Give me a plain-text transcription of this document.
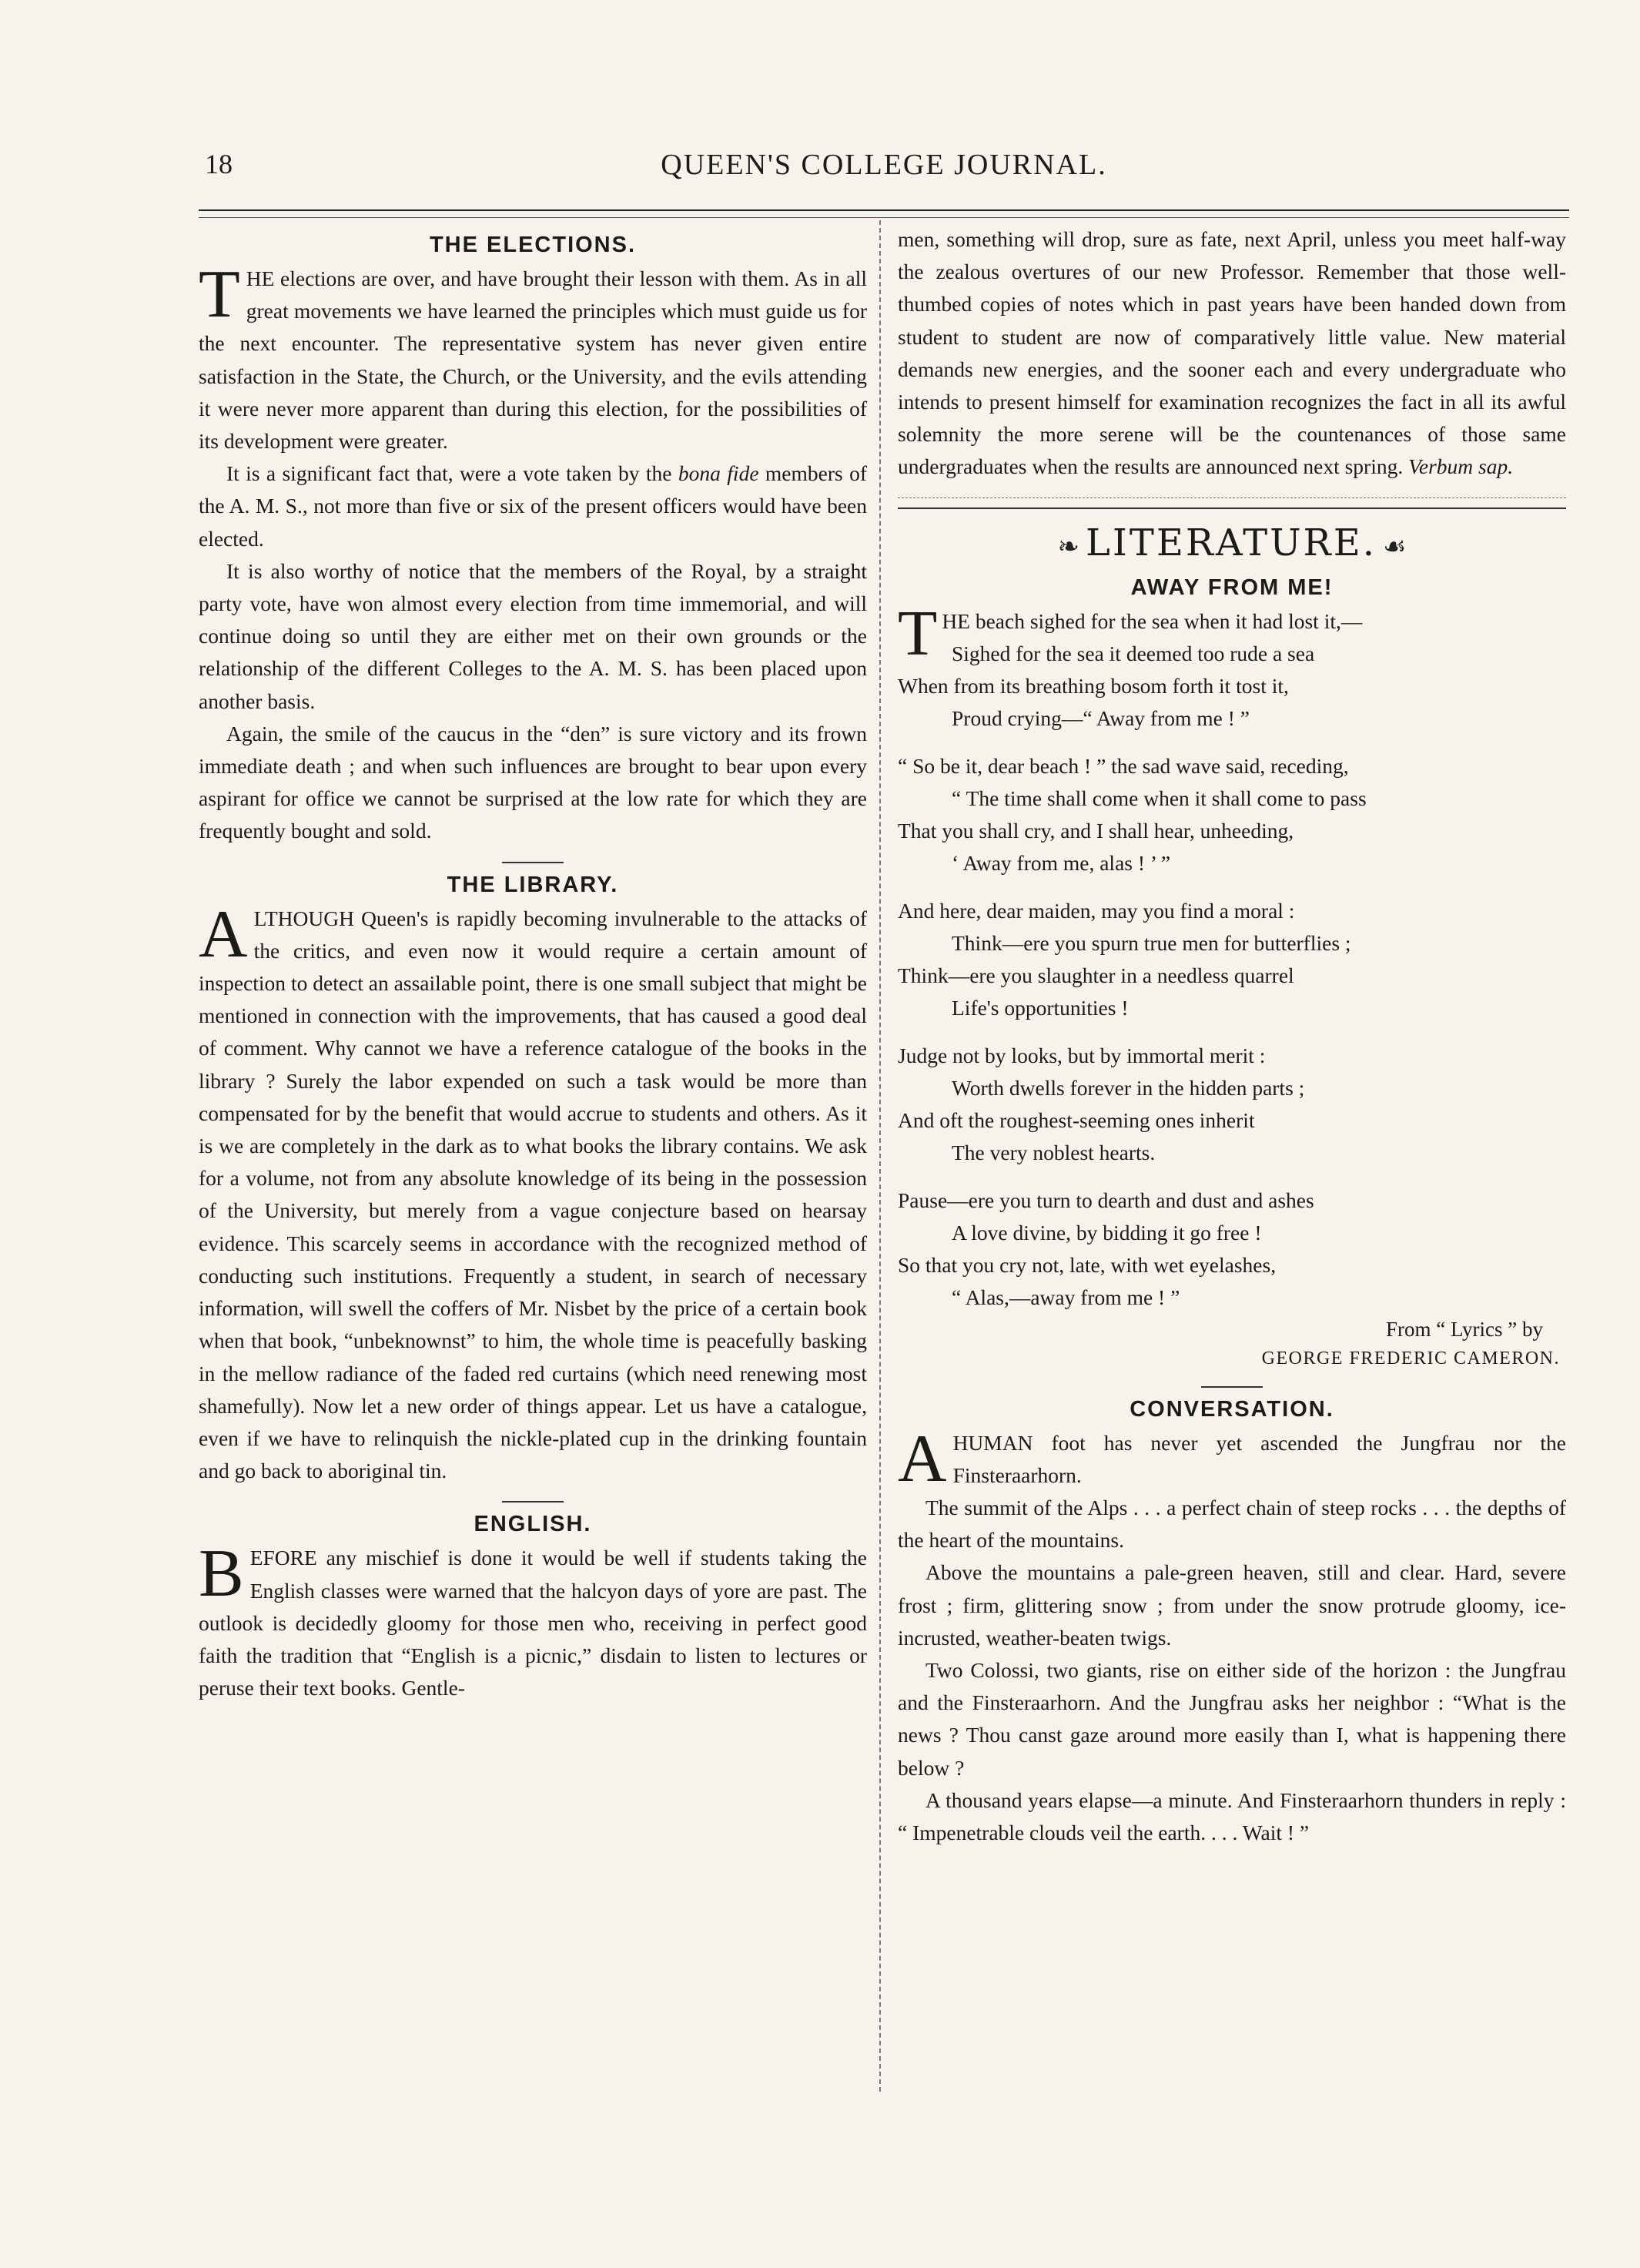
18	QUEEN'S COLLEGE JOURNAL.
THE ELECTIONS.

THE elections are over, and have brought their lesson with them. As in all great movements we have learned the principles which must guide us for the next encounter. The representative system has never given entire satisfaction in the State, the Church, or the University, and the evils attending it were never more apparent than during this election, for the possibilities of its development were greater.

It is a significant fact that, were a vote taken by the bona fide members of the A. M. S., not more than five or six of the present officers would have been elected.

It is also worthy of notice that the members of the Royal, by a straight party vote, have won almost every election from time immemorial, and will continue doing so until they are either met on their own grounds or the relationship of the different Colleges to the A. M. S. has been placed upon another basis.

Again, the smile of the caucus in the “den” is sure victory and its frown immediate death ; and when such influences are brought to bear upon every aspirant for office we cannot be surprised at the low rate for which they are frequently bought and sold.

THE LIBRARY.

ALTHOUGH Queen's is rapidly becoming invulnerable to the attacks of the critics, and even now it would require a certain amount of inspection to detect an assailable point, there is one small subject that might be mentioned in connection with the improvements, that has caused a good deal of comment. Why cannot we have a reference catalogue of the books in the library ? Surely the labor expended on such a task would be more than compensated for by the benefit that would accrue to students and others. As it is we are completely in the dark as to what books the library contains. We ask for a volume, not from any absolute knowledge of its being in the possession of the University, but merely from a vague conjecture based on hearsay evidence. This scarcely seems in accordance with the recognized method of conducting such institutions. Frequently a student, in search of necessary information, will swell the coffers of Mr. Nisbet by the price of a certain book when that book, “unbeknownst” to him, the whole time is peacefully basking in the mellow radiance of the faded red curtains (which need renewing most shamefully). Now let a new order of things appear. Let us have a catalogue, even if we have to relinquish the nickle-plated cup in the drinking fountain and go back to aboriginal tin.

ENGLISH.

BEFORE any mischief is done it would be well if students taking the English classes were warned that the halcyon days of yore are past. The outlook is decidedly gloomy for those men who, receiving in perfect good faith the tradition that “English is a picnic,” disdain to listen to lectures or peruse their text books. Gentle-

men, something will drop, sure as fate, next April, unless you meet half-way the zealous overtures of our new Professor. Remember that those well-thumbed copies of notes which in past years have been handed down from student to student are now of comparatively little value. New material demands new energies, and the sooner each and every undergraduate who intends to present himself for examination recognizes the fact in all its awful solemnity the more serene will be the countenances of those same undergraduates when the results are announced next spring. Verbum sap.

❧ LITERATURE. ☙
AWAY FROM ME!
THE beach sighed for the sea when it had lost it,—
Sighed for the sea it deemed too rude a sea
When from its breathing bosom forth it tost it,
Proud crying—“ Away from me ! ”
“ So be it, dear beach ! ” the sad wave said, receding,
“ The time shall come when it shall come to pass
That you shall cry, and I shall hear, unheeding,
‘ Away from me, alas ! ’ ”
And here, dear maiden, may you find a moral :
Think—ere you spurn true men for butterflies ;
Think—ere you slaughter in a needless quarrel
Life's opportunities !
Judge not by looks, but by immortal merit :
Worth dwells forever in the hidden parts ;
And oft the roughest-seeming ones inherit
The very noblest hearts.
Pause—ere you turn to dearth and dust and ashes
A love divine, by bidding it go free !
So that you cry not, late, with wet eyelashes,
“ Alas,—away from me ! ”
From “ Lyrics ” by
GEORGE FREDERIC CAMERON.
CONVERSATION.

AHUMAN foot has never yet ascended the Jungfrau nor the Finsteraarhorn.

The summit of the Alps . . . a perfect chain of steep rocks . . . the depths of the heart of the mountains.

Above the mountains a pale-green heaven, still and clear. Hard, severe frost ; firm, glittering snow ; from under the snow protrude gloomy, ice-incrusted, weather-beaten twigs.

Two Colossi, two giants, rise on either side of the horizon : the Jungfrau and the Finsteraarhorn. And the Jungfrau asks her neighbor : “What is the news ? Thou canst gaze around more easily than I, what is happening there below ?

A thousand years elapse—a minute. And Finsteraarhorn thunders in reply : “ Impenetrable clouds veil the earth. . . . Wait ! ”
